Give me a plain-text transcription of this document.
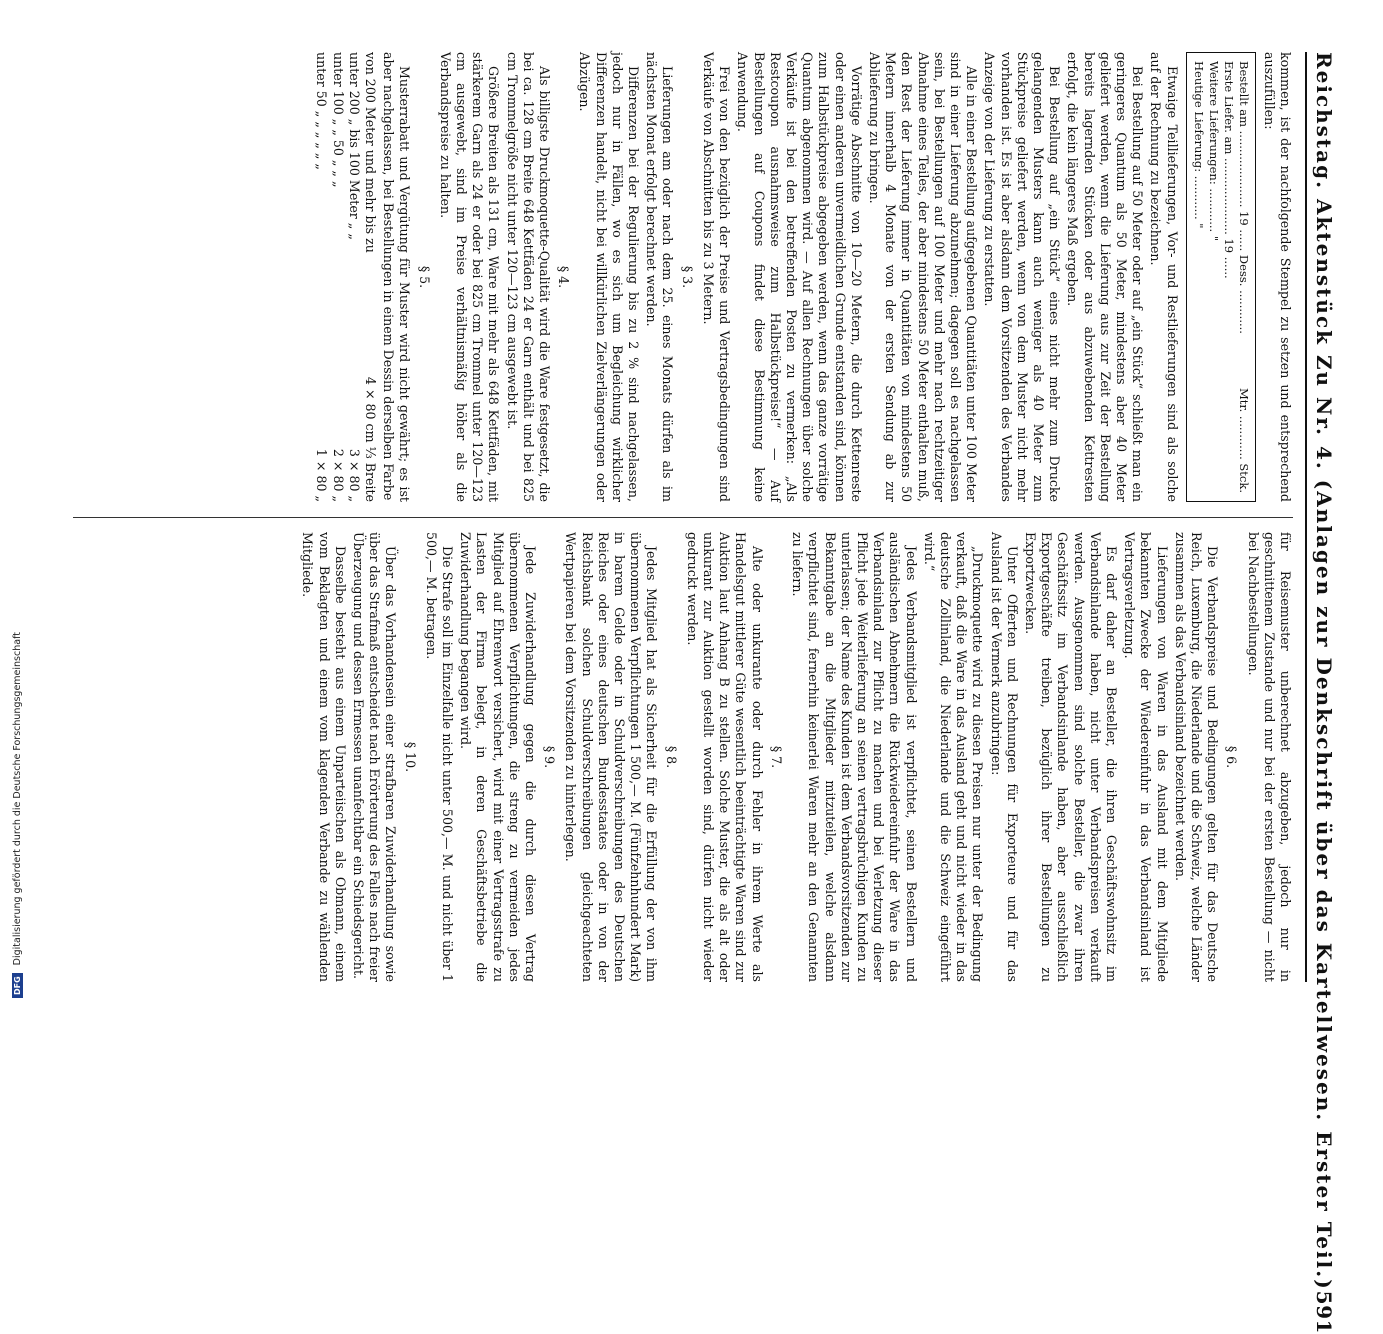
Reichstag. Aktenstück Zu Nr. 4. (Anlagen zur Denkschrift über das Kartellwesen. Erster Teil.)
591

kommen, ist der nachfolgende Stempel zu setzen und entsprechend auszufüllen:

Bestellt am ..................... 19 ...... Dess. ............
Mtr. ............ Stck.
Erste Liefer. am ..................... 19 ......
Weitere Lieferungen: ............ "
Heutige Lieferung: ............ "

Etwaige Teillieferungen, Vor- und Restlieferungen sind als solche auf der Rechnung zu bezeichnen.

Bei Bestellung auf 50 Meter oder auf „ein Stück“ schließt man ein geringeres Quantum als 50 Meter, mindestens aber 40 Meter geliefert werden, wenn die Lieferung aus zur Zeit der Bestellung bereits lagernden Stücken oder aus abzuwebenden Kettresten erfolgt, die kein längeres Maß ergeben.

Bei Bestellung auf „ein Stück“ eines nicht mehr zum Drucke gelangenden Musters kann auch weniger als 40 Meter zum Stückpreise geliefert werden, wenn von dem Muster nicht mehr vorhanden ist. Es ist aber alsdann dem Vorsitzenden des Verbandes Anzeige von der Lieferung zu erstatten.

Alle in einer Bestellung aufgegebenen Quantitäten unter 100 Meter sind in einer Lieferung abzunehmen; dagegen soll es nachgelassen sein, bei Bestellungen auf 100 Meter und mehr nach rechtzeitiger Abnahme eines Teiles, der aber mindestens 50 Meter enthalten muß, den Rest der Lieferung immer in Quantitäten von mindestens 50 Metern innerhalb 4 Monate von der ersten Sendung ab zur Ablieferung zu bringen.

Vorrätige Abschnitte von 10—20 Metern, die durch Kettenreste oder einen anderen unvermeidlichen Grunde entstanden sind, können zum Halbstückpreise abgegeben werden, wenn das ganze vorrätige Quantum abgenommen wird. — Auf allen Rechnungen über solche Verkäufe ist bei den betreffenden Posten zu vermerken: „Als Restcoupon ausnahmsweise zum Halbstückpreise!“ — Auf Bestellungen auf Coupons findet diese Bestimmung keine Anwendung.

Frei von den bezüglich der Preise und Vertragsbedingungen sind Verkäufe von Abschnitten bis zu 3 Metern.

§ 3.

Lieferungen am oder nach dem 25. eines Monats dürfen als im nächsten Monat erfolgt berechnet werden.

Differenzen bei der Regulierung bis zu 2 % sind nachgelassen, jedoch nur in Fällen, wo es sich um Begleichung wirklicher Differenzen handelt, nicht bei willkürlichen Zielverlängerungen oder Abzügen.

§ 4.

Als billigste Druckmoquette-Qualität wird die Ware festgesetzt, die bei ca. 128 cm Breite 648 Kettfäden 24 er Garn enthält und bei 825 cm Trommelgröße nicht unter 120—123 cm ausgewebt ist.

Größere Breiten als 131 cm, Ware mit mehr als 648 Kettfäden, mit stärkerem Garn als 24 er oder bei 825 cm Trommel unter 120—123 cm ausgewebt, sind im Preise verhältnismäßig höher als die Verbandspreise zu halten.

§ 5.

Musterrabatt und Vergütung für Muster wird nicht gewährt; es ist aber nachgelassen, bei Bestellungen in einem Dessin derselben Farbe

von 200 Meter und mehr bis zu
4 × 80 cm ⅓ Breite
unter 200 „ bis 100 Meter „ „
3 × 80 „
unter 100 „ „ 50 „ „ „
2 × 80 „
unter 50 „ „ „ „ „ „
1 × 80 „

für Reisemuster unberechnet abzugeben, jedoch nur in geschnittenem Zustande und nur bei der ersten Bestellung — nicht bei Nachbestellungen.

§ 6.

Die Verbandspreise und Bedingungen gelten für das Deutsche Reich, Luxemburg, die Niederlande und die Schweiz, welche Länder zusammen als das Verbandsinland bezeichnet werden.

Lieferungen von Waren in das Ausland mit dem Mitgliede bekannten Zwecke der Wiedereinfuhr in das Verbandsinland ist Vertragsverletzung.

Es darf daher an Besteller, die ihren Geschäftswohnsitz im Verbandsinlande haben, nicht unter Verbandspreisen verkauft werden. Ausgenommen sind solche Besteller, die zwar ihren Geschäftssitz im Verbandsinlande haben, aber ausschließlich Exportgeschäfte treiben, bezüglich ihrer Bestellungen zu Exportzwecken.

Unter Offerten und Rechnungen für Exporteure und für das Ausland ist der Vermerk anzubringen:

„Druckmoquette wird zu diesen Preisen nur unter der Bedingung verkauft, daß die Ware in das Ausland geht und nicht wieder in das deutsche Zollinland, die Niederlande und die Schweiz eingeführt wird.“

Jedes Verbandsmitglied ist verpflichtet, seinen Bestellern und ausländischen Abnehmern die Rückwiedereinfuhr der Ware in das Verbandsinland zur Pflicht zu machen und bei Verletzung dieser Pflicht jede Weiterlieferung an seinen vertragsbrüchigen Kunden zu unterlassen; der Name des Kunden ist dem Verbandsvorsitzenden zur Bekanntgabe an die Mitglieder mitzuteilen, welche alsdann verpflichtet sind, fernerhin keinerlei Waren mehr an den Genannten zu liefern.

§ 7.

Alte oder unkurante oder durch Fehler in ihrem Werte als Handelsgut mittlerer Güte wesentlich beeinträchtigte Waren sind zur Auktion laut Anhang B zu stellen. Solche Muster, die als alt oder unkurant zur Auktion gestellt worden sind, dürfen nicht wieder gedruckt werden.

§ 8.

Jedes Mitglied hat als Sicherheit für die Erfüllung der von ihm übernommenen Verpflichtungen 1 500,— M. (Fünfzehnhundert Mark) in barem Gelde oder in Schuldverschreibungen des Deutschen Reiches oder eines deutschen Bundesstaates oder in von der Reichsbank solchen Schuldverschreibungen gleichgeachteten Wertpapieren bei dem Vorsitzenden zu hinterlegen.

§ 9.

Jede Zuwiderhandlung gegen die durch diesen Vertrag übernommenen Verpflichtungen, die streng zu vermeiden jedes Mitglied auf Ehrenwort versichert, wird mit einer Vertragsstrafe zu Lasten der Firma belegt, in deren Geschäftsbetriebe die Zuwiderhandlung begangen wird.

Die Strafe soll im Einzelfalle nicht unter 500,— M. und nicht über 1 500,— M. betragen.

§ 10.

Über das Vorhandensein einer strafbaren Zuwiderhandlung sowie über das Strafmaß entscheidet nach Erörterung des Falles nach freier Überzeugung und dessen Ermessen unanfechtbar ein Schiedsgericht.

Dasselbe besteht aus einem Unparteiischen als Obmann, einem vom Beklagten und einem vom klagenden Verbande zu wählenden Mitgliede.

DFG
Digitalisierung gefördert durch die Deutsche Forschungsgemeinschaft
